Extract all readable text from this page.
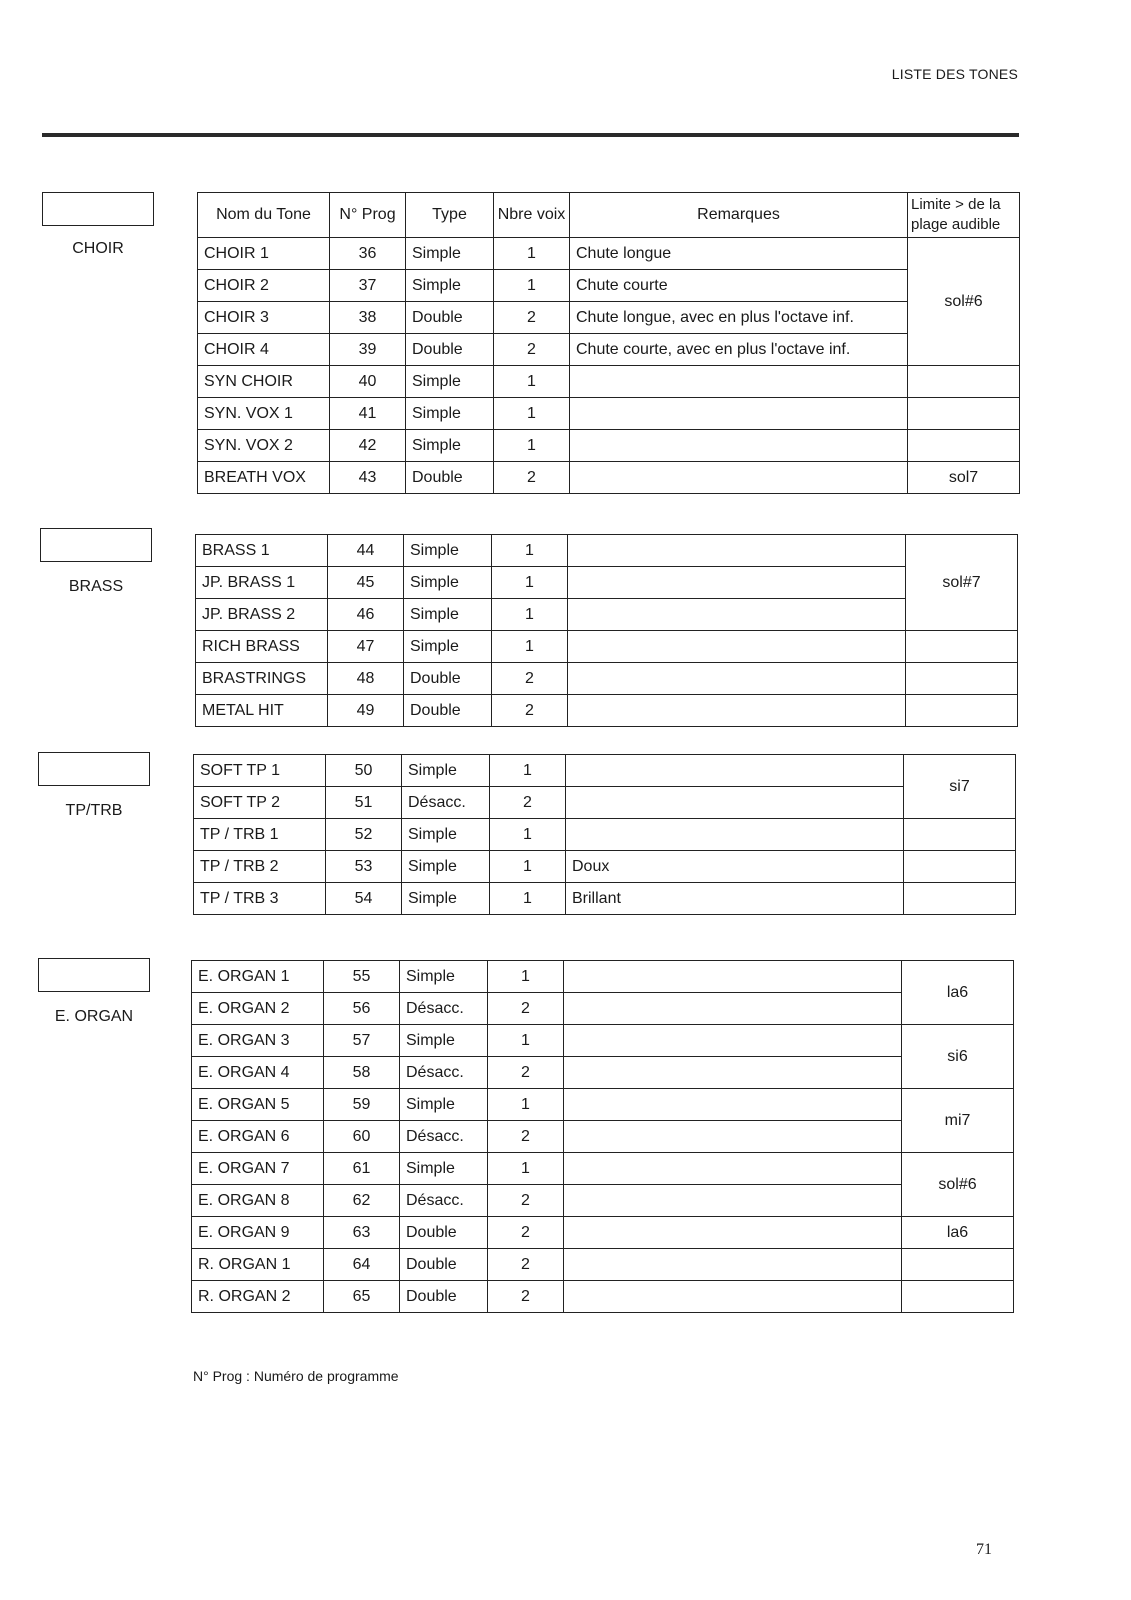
LISTE DES TONES
CHOIR
Nom du Tone	N° Prog	Type	Nbre voix	Remarques	Limite > de la
plage audible
CHOIR 1	36	Simple	1	Chute longue	sol#6
CHOIR 2	37	Simple	1	Chute courte	
CHOIR 3	38	Double	2	Chute longue, avec en plus l'octave inf.	
CHOIR 4	39	Double	2	Chute courte, avec en plus l'octave inf.	
SYN CHOIR	40	Simple	1		
SYN. VOX 1	41	Simple	1		
SYN. VOX 2	42	Simple	1		
BREATH VOX	43	Double	2		sol7
BRASS
BRASS 1	44	Simple	1		sol#7
JP. BRASS 1	45	Simple	1		
JP. BRASS 2	46	Simple	1		
RICH BRASS	47	Simple	1		
BRASTRINGS	48	Double	2		
METAL HIT	49	Double	2		
TP/TRB
SOFT TP 1	50	Simple	1		si7
SOFT TP 2	51	Désacc.	2		
TP / TRB 1	52	Simple	1		
TP / TRB 2	53	Simple	1	Doux	
TP / TRB 3	54	Simple	1	Brillant	
E. ORGAN
E. ORGAN 1	55	Simple	1		la6
E. ORGAN 2	56	Désacc.	2		
E. ORGAN 3	57	Simple	1		si6
E. ORGAN 4	58	Désacc.	2		
E. ORGAN 5	59	Simple	1		mi7
E. ORGAN 6	60	Désacc.	2		
E. ORGAN 7	61	Simple	1		sol#6
E. ORGAN 8	62	Désacc.	2		
E. ORGAN 9	63	Double	2		la6
R. ORGAN 1	64	Double	2		
R. ORGAN 2	65	Double	2		
N° Prog : Numéro de programme
71
